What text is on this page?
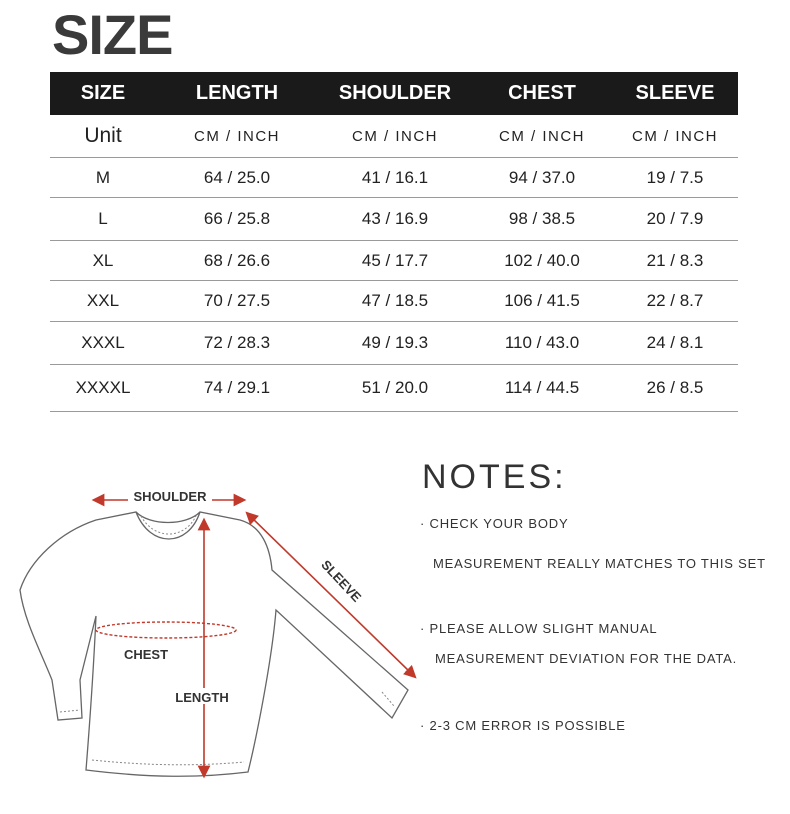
SIZE
SIZE	LENGTH	SHOULDER	CHEST	SLEEVE
Unit	CM / INCH	CM / INCH	CM / INCH	CM / INCH
M	64 / 25.0	41 / 16.1	94 / 37.0	19 / 7.5
L	66 / 25.8	43 / 16.9	98 / 38.5	20 / 7.9
XL	68 / 26.6	45 / 17.7	102 / 40.0	21 / 8.3
XXL	70 / 27.5	47 / 18.5	106 / 41.5	22 / 8.7
XXXL	72 / 28.3	49 / 19.3	110 / 43.0	24 / 8.1
XXXXL	74 / 29.1	51 / 20.0	114 / 44.5	26 / 8.5
SHOULDER
SLEEVE
CHEST
LENGTH
NOTES:
· CHECK YOUR BODY
MEASUREMENT REALLY MATCHES TO THIS SET
· PLEASE ALLOW SLIGHT MANUAL
MEASUREMENT DEVIATION FOR THE DATA.
· 2-3 CM ERROR IS POSSIBLE
